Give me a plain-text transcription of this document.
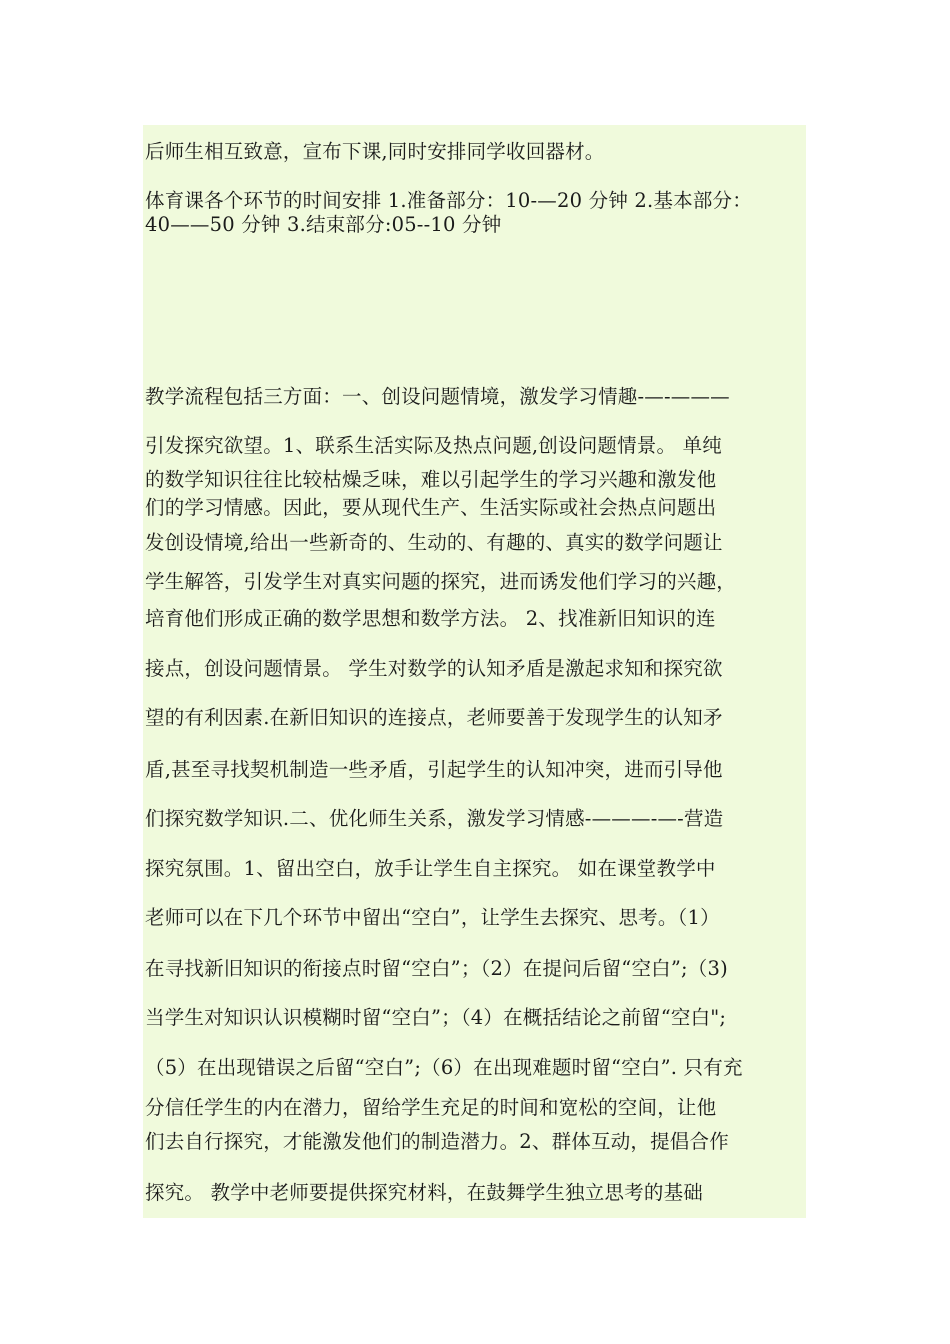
后师生相互致意，宣布下课,同时安排同学收回器材。
体育课各个环节的时间安排 1.准备部分：10-—20 分钟 2.基本部分：
40——50 分钟 3.结束部分:05--10 分钟
教学流程包括三方面：一、创设问题情境，激发学习情趣-—-———
引发探究欲望。1、联系生活实际及热点问题,创设问题情景。 单纯
的数学知识往往比较枯燥乏味，难以引起学生的学习兴趣和激发他
们的学习情感。因此，要从现代生产、生活实际或社会热点问题出
发创设情境,给出一些新奇的、生动的、有趣的、真实的数学问题让
学生解答，引发学生对真实问题的探究，进而诱发他们学习的兴趣，
培育他们形成正确的数学思想和数学方法。 2、找准新旧知识的连
接点，创设问题情景。 学生对数学的认知矛盾是激起求知和探究欲
望的有利因素.在新旧知识的连接点，老师要善于发现学生的认知矛
盾,甚至寻找契机制造一些矛盾，引起学生的认知冲突，进而引导他
们探究数学知识.二、优化师生关系，激发学习情感-———-—-营造
探究氛围。1、留出空白，放手让学生自主探究。 如在课堂教学中
老师可以在下几个环节中留出“空白”，让学生去探究、思考。（1）
在寻找新旧知识的衔接点时留“空白”；（2）在提问后留“空白”;（3)
当学生对知识认识模糊时留“空白”；（4）在概括结论之前留“空白";
（5）在出现错误之后留“空白”;（6）在出现难题时留“空白”. 只有充
分信任学生的内在潜力，留给学生充足的时间和宽松的空间，让他
们去自行探究，才能激发他们的制造潜力。2、群体互动，提倡合作
探究。 教学中老师要提供探究材料，在鼓舞学生独立思考的基础
